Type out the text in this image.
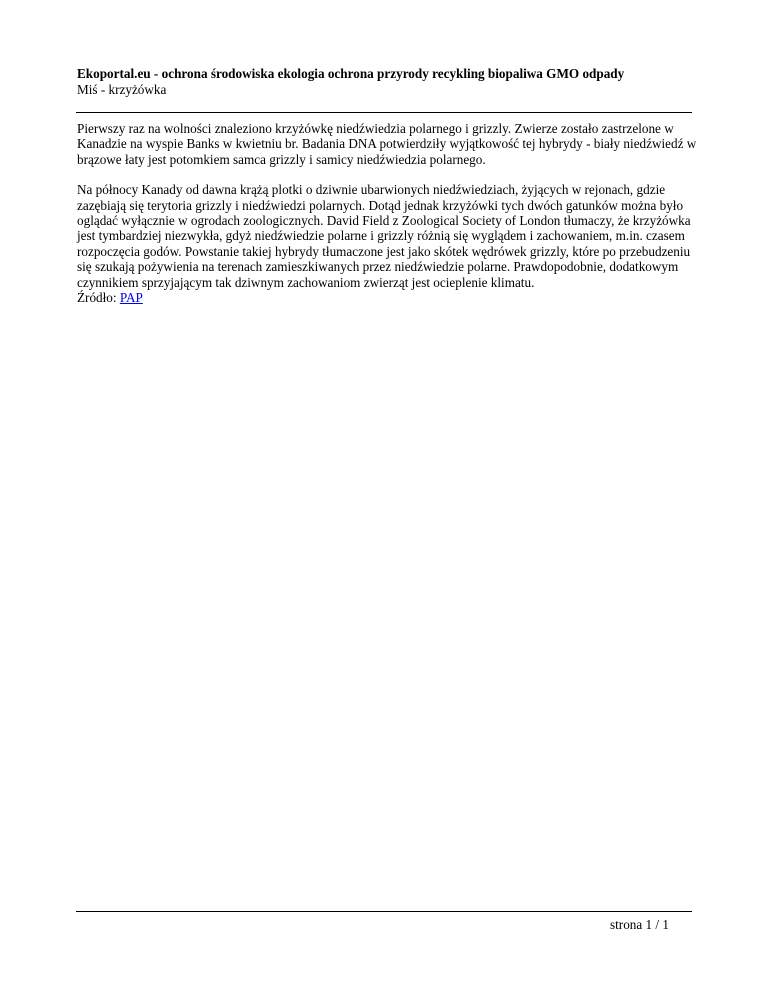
Ekoportal.eu - ochrona środowiska ekologia ochrona przyrody recykling biopaliwa GMO odpady
Miś - krzyżówka

Pierwszy raz na wolności znaleziono krzyżówkę niedźwiedzia polarnego i grizzly. Zwierze zostało zastrzelone w Kanadzie na wyspie Banks w kwietniu br. Badania DNA potwierdziły wyjątkowość tej hybrydy - biały niedźwiedź w brązowe łaty jest potomkiem samca grizzly i samicy niedźwiedzia polarnego.

Na północy Kanady od dawna krążą plotki o dziwnie ubarwionych niedźwiedziach, żyjących w rejonach, gdzie zazębiają się terytoria grizzly i niedźwiedzi polarnych. Dotąd jednak krzyżówki tych dwóch gatunków można było oglądać wyłącznie w ogrodach zoologicznych. David Field z Zoological Society of London tłumaczy, że krzyżówka jest tymbardziej niezwykła, gdyż niedźwiedzie polarne i grizzly różnią się wyglądem i zachowaniem, m.in. czasem rozpoczęcia godów. Powstanie takiej hybrydy tłumaczone jest jako skótek wędrówek grizzly, które po przebudzeniu się szukają pożywienia na terenach zamieszkiwanych przez niedźwiedzie polarne. Prawdopodobnie, dodatkowym czynnikiem sprzyjającym tak dziwnym zachowaniom zwierząt jest ocieplenie klimatu.

Źródło: PAP

strona 1 / 1
